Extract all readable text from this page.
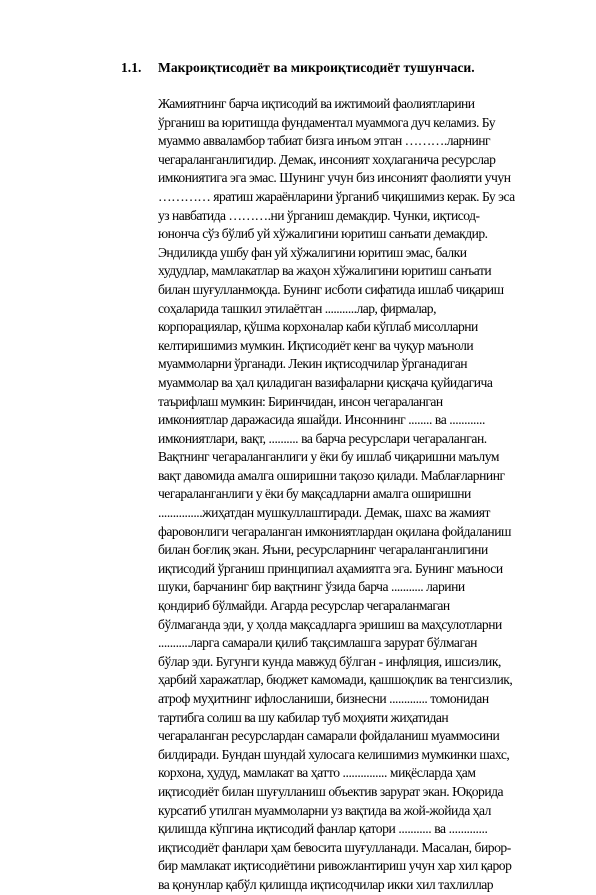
1.1. Макроиқтисодиёт ва микроиқтисодиёт тушунчаси.
Жамиятнинг барча иқтисодий ва ижтимоий фаолиятларини
ўрганиш ва юритишда фундаментал муаммога дуч келамиз. Бу
муаммо авваламбор табиат бизга инъом этган ……….ларнинг
чегараланганлигидир. Демак, инсоният хоҳлаганича ресурслар
имкониятига эга эмас. Шунинг учун биз инсоният фаолияти учун
………… яратиш жараёнларини ўрганиб чиқишимиз керак. Бу эса
уз навбатида ……….ни ўрганиш демакдир. Чунки, иқтисод-
юнонча сўз бўлиб уй хўжалигини юритиш санъати демакдир.
Эндиликда ушбу фан уй хўжалигини юритиш эмас, балки
худудлар, мамлакатлар ва жаҳон хўжалигини юритиш санъати
билан шуғулланмоқда. Бунинг исботи сифатида ишлаб чиқариш
соҳаларида ташкил этилаётган ...........лар, фирмалар,
корпорациялар, қўшма корхоналар каби кўплаб мисолларни
келтиришимиз мумкин. Иқтисодиёт кенг ва чуқур маъноли
муаммоларни ўрганади. Лекин иқтисодчилар ўрганадиган
муаммолар ва ҳал қиладиган вазифаларни қисқача қуйидагича
таърифлаш мумкин: Биринчидан, инсон чегараланган
имкониятлар даражасида яшайди. Инсоннинг ........ ва ............
имкониятлари, вақт, .......... ва барча ресурслари чегараланган.
Вақтнинг чегараланганлиги у ёки бу ишлаб чиқаришни маълум
вақт давомида амалга оширишни тақозо қилади. Маблағларнинг
чегараланганлиги у ёки бу мақсадларни амалга оширишни
...............жиҳатдан мушкуллаштиради. Демак, шахс ва жамият
фаровонлиги чегараланган имкониятлардан оқилана фойдаланиш
билан боғлиқ экан. Яъни, ресурсларнинг чегараланганлигини
иқтисодий ўрганиш принципиал аҳамиятга эга. Бунинг маъноси
шуки, барчанинг бир вақтнинг ўзида барча ........... ларини
қондириб бўлмайди. Агарда ресурслар чегараланмаган
бўлмаганда эди, у ҳолда мақсадларга эришиш ва маҳсулотларни
...........ларга самарали қилиб тақсимлашга зарурат бўлмаган
бўлар эди. Бугунги кунда мавжуд бўлган - инфляция, ишсизлик,
ҳарбий харажатлар, бюджет камомади, қашшоқлик ва тенгсизлик,
атроф муҳитнинг ифлосланиши, бизнесни ............. томонидан
тартибга солиш ва шу кабилар туб моҳияти жиҳатидан
чегараланган ресурслардан самарали фойдаланиш муаммосини
билдиради. Бундан шундай хулосага келишимиз мумкинки шахс,
корхона, ҳудуд, мамлакат ва ҳатто ............... миқёсларда ҳам
иқтисодиёт билан шуғулланиш объектив зарурат экан. Юқорида
курсатиб утилган муаммоларни уз вақтида ва жой-жойида ҳал
қилишда кўпгина иқтисодий фанлар қатори ........... ва .............
иқтисодиёт фанлари ҳам бевосита шуғулланади. Масалан, бирор-
бир мамлакат иқтисодиётини ривожлантириш учун хар хил қарор
ва қонунлар қабўл қилишда иқтисодчилар икки хил тахлиллар
